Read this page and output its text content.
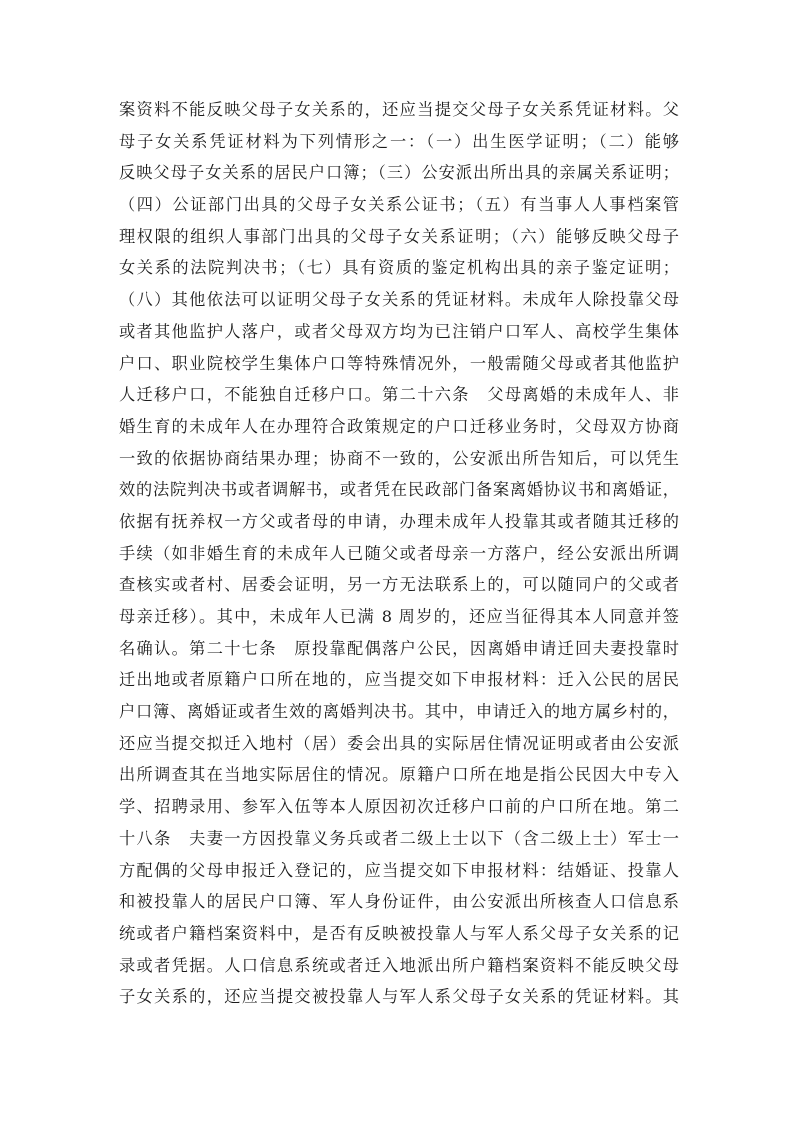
案资料不能反映父母子女关系的，还应当提交父母子女关系凭证材料。父
母子女关系凭证材料为下列情形之一：（一）出生医学证明；（二）能够
反映父母子女关系的居民户口簿；（三）公安派出所出具的亲属关系证明；
（四）公证部门出具的父母子女关系公证书；（五）有当事人人事档案管
理权限的组织人事部门出具的父母子女关系证明；（六）能够反映父母子
女关系的法院判决书；（七）具有资质的鉴定机构出具的亲子鉴定证明；
（八）其他依法可以证明父母子女关系的凭证材料。未成年人除投靠父母
或者其他监护人落户，或者父母双方均为已注销户口军人、高校学生集体
户口、职业院校学生集体户口等特殊情况外，一般需随父母或者其他监护
人迁移户口，不能独自迁移户口。第二十六条　父母离婚的未成年人、非
婚生育的未成年人在办理符合政策规定的户口迁移业务时，父母双方协商
一致的依据协商结果办理；协商不一致的，公安派出所告知后，可以凭生
效的法院判决书或者调解书，或者凭在民政部门备案离婚协议书和离婚证，
依据有抚养权一方父或者母的申请，办理未成年人投靠其或者随其迁移的
手续（如非婚生育的未成年人已随父或者母亲一方落户，经公安派出所调
查核实或者村、居委会证明，另一方无法联系上的，可以随同户的父或者
母亲迁移）。其中，未成年人已满 8 周岁的，还应当征得其本人同意并签
名确认。第二十七条　原投靠配偶落户公民，因离婚申请迁回夫妻投靠时
迁出地或者原籍户口所在地的，应当提交如下申报材料：迁入公民的居民
户口簿、离婚证或者生效的离婚判决书。其中，申请迁入的地方属乡村的，
还应当提交拟迁入地村（居）委会出具的实际居住情况证明或者由公安派
出所调查其在当地实际居住的情况。原籍户口所在地是指公民因大中专入
学、招聘录用、参军入伍等本人原因初次迁移户口前的户口所在地。第二
十八条　夫妻一方因投靠义务兵或者二级上士以下（含二级上士）军士一
方配偶的父母申报迁入登记的，应当提交如下申报材料：结婚证、投靠人
和被投靠人的居民户口簿、军人身份证件，由公安派出所核查人口信息系
统或者户籍档案资料中，是否有反映被投靠人与军人系父母子女关系的记
录或者凭据。人口信息系统或者迁入地派出所户籍档案资料不能反映父母
子女关系的，还应当提交被投靠人与军人系父母子女关系的凭证材料。其
